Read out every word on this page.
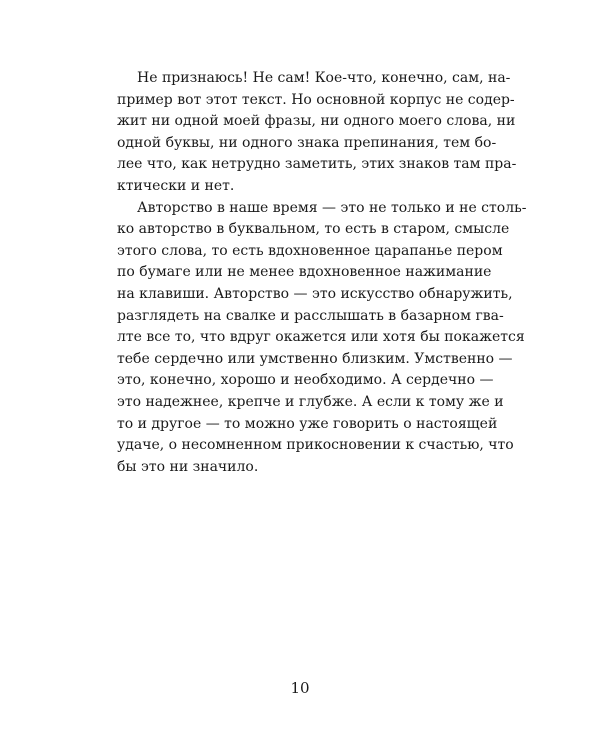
Не признаюсь! Не сам! Кое-что, конечно, сам, на-
пример вот этот текст. Но основной корпус не содер-
жит ни одной моей фразы, ни одного моего слова, ни
одной буквы, ни одного знака препинания, тем бо-
лее что, как нетрудно заметить, этих знаков там пра-
ктически и нет.
Авторство в наше время — это не только и не столь-
ко авторство в буквальном, то есть в старом, смысле
этого слова, то есть вдохновенное царапанье пером
по бумаге или не менее вдохновенное нажимание
на клавиши. Авторство — это искусство обнаружить,
разглядеть на свалке и расслышать в базарном гва-
лте все то, что вдруг окажется или хотя бы покажется
тебе сердечно или умственно близким. Умственно —
это, конечно, хорошо и необходимо. А сердечно —
это надежнее, крепче и глубже. А если к тому же и
то и другое — то можно уже говорить о настоящей
удаче, о несомненном прикосновении к счастью, что
бы это ни значило.
10
